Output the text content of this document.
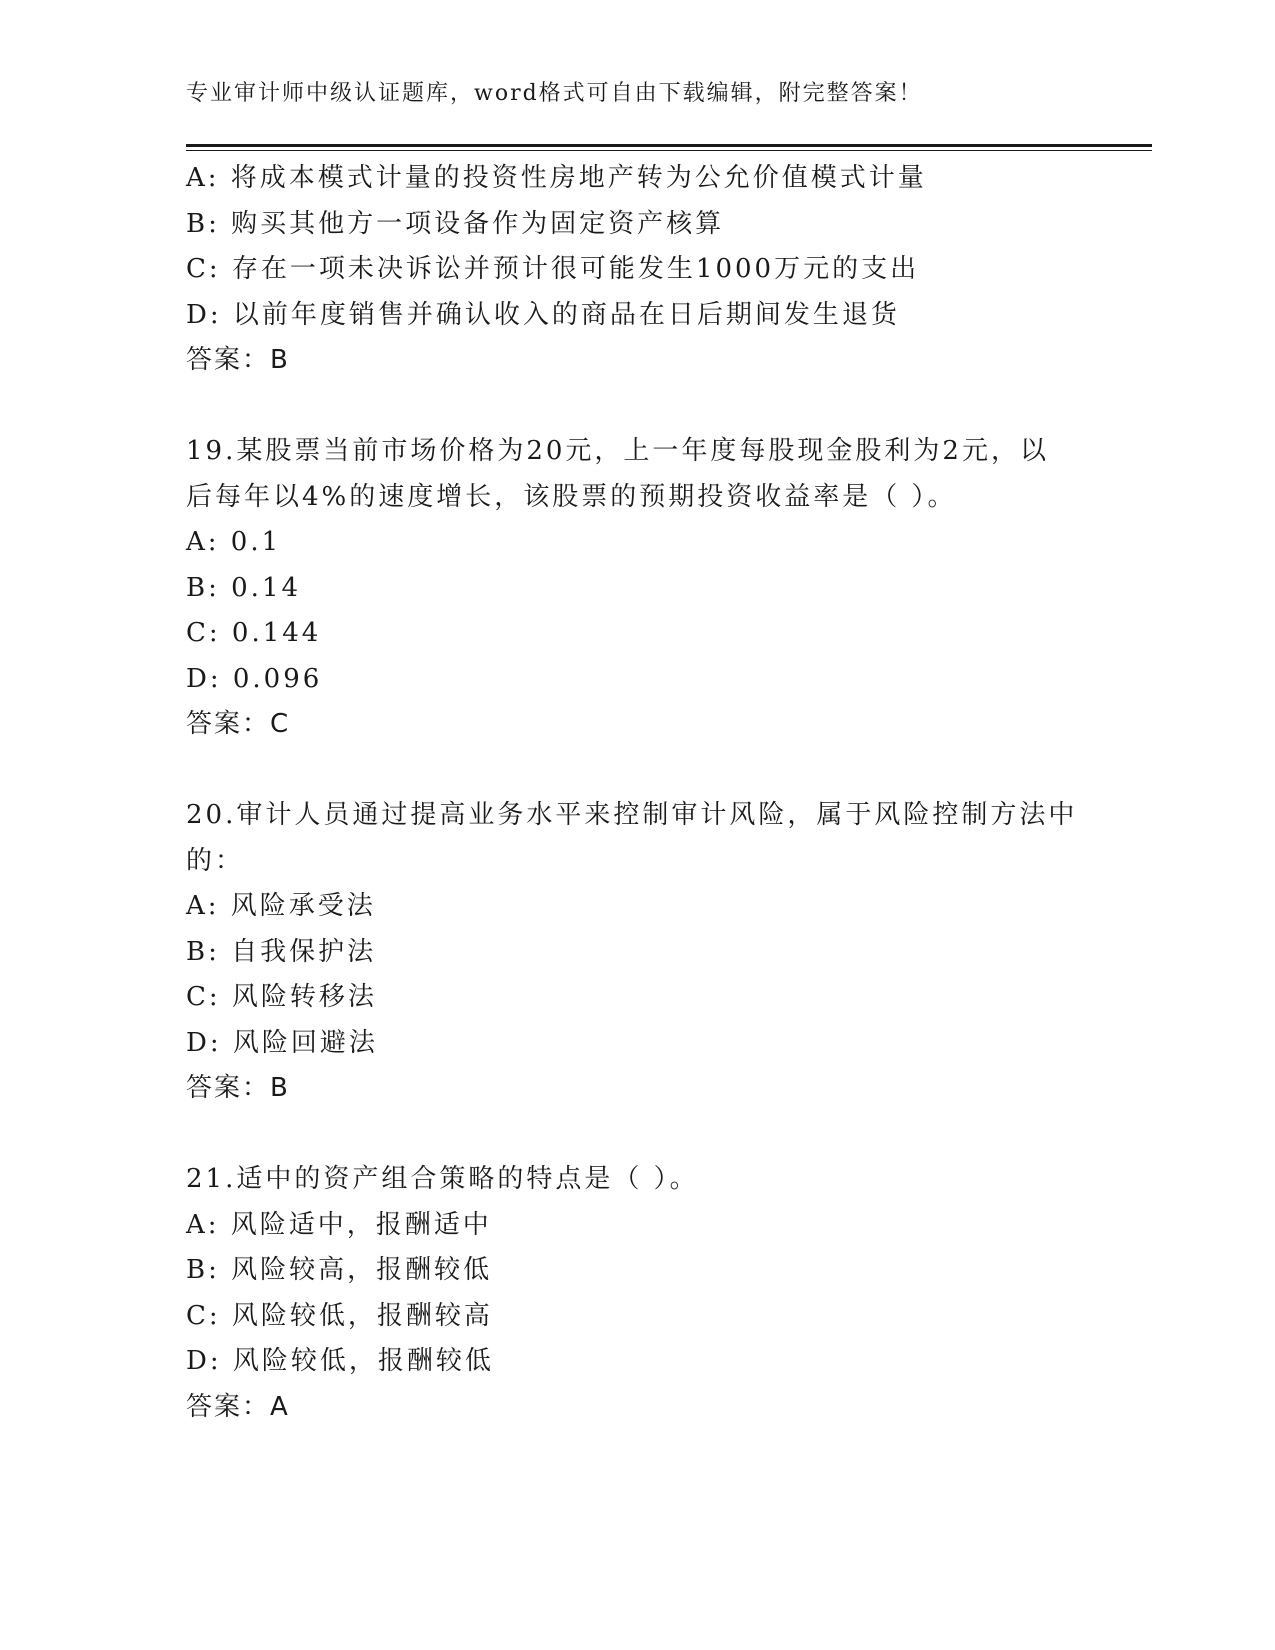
专业审计师中级认证题库，word格式可自由下载编辑，附完整答案！
A: 将成本模式计量的投资性房地产转为公允价值模式计量
B: 购买其他方一项设备作为固定资产核算
C: 存在一项未决诉讼并预计很可能发生1000万元的支出
D: 以前年度销售并确认收入的商品在日后期间发生退货
答案：B
19.某股票当前市场价格为20元，上一年度每股现金股利为2元，以
后每年以4%的速度增长，该股票的预期投资收益率是（ ）。
A: 0.1
B: 0.14
C: 0.144
D: 0.096
答案：C
20.审计人员通过提高业务水平来控制审计风险，属于风险控制方法中
的：
A: 风险承受法
B: 自我保护法
C: 风险转移法
D: 风险回避法
答案：B
21.适中的资产组合策略的特点是（ ）。
A: 风险适中，报酬适中
B: 风险较高，报酬较低
C: 风险较低，报酬较高
D: 风险较低，报酬较低
答案：A
